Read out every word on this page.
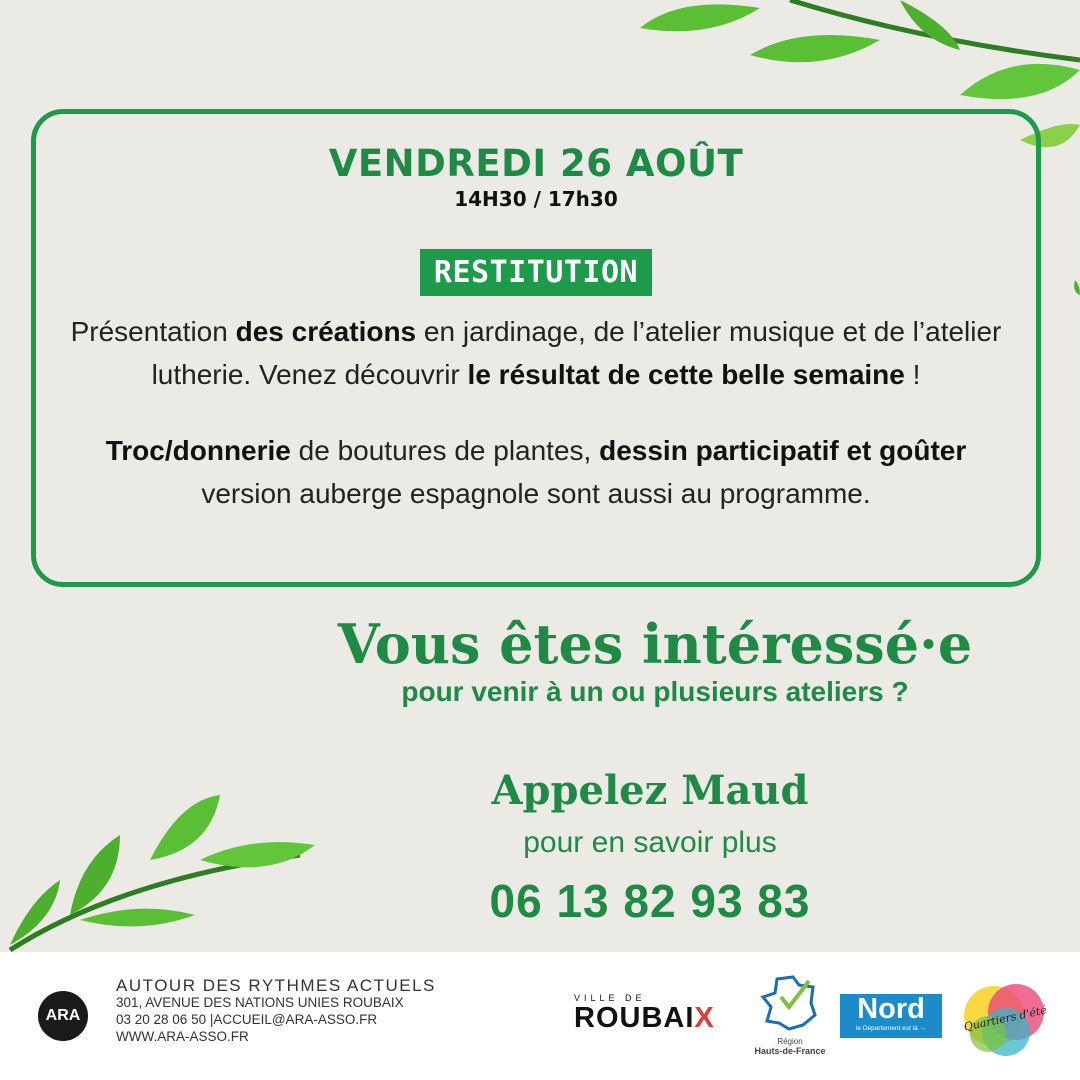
VENDREDI 26 AOÛT
14H30 / 17h30
RESTITUTION
Présentation des créations en jardinage, de l’atelier musique et de l’atelier lutherie. Venez découvrir le résultat de cette belle semaine !
Troc/donnerie de boutures de plantes, dessin participatif et goûter version auberge espagnole sont aussi au programme.
Vous êtes intéressé·e
pour venir à un ou plusieurs ateliers ?
Appelez Maud
pour en savoir plus
06 13 82 93 83
ARA
AUTOUR DES RYTHMES ACTUELS
301, AVENUE DES NATIONS UNIES ROUBAIX
03 20 28 06 50 |ACCUEIL@ARA-ASSO.FR
WWW.ARA-ASSO.FR
VILLE DE
ROUBAIX
Région
Hauts-de-France
Nord
le Département est là →	Quartiers d'été
